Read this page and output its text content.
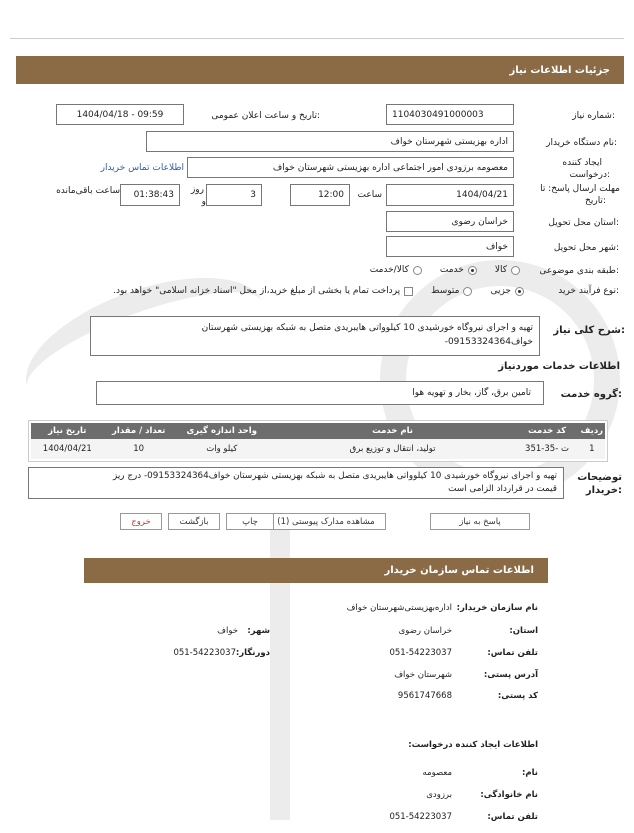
جزئیات اطلاعات نیاز
شماره نیاز:
1104030491000003
تاریخ و ساعت اعلان عمومی:
1404/04/18 - 09:59
نام دستگاه خریدار:
اداره بهزیستی شهرستان خواف
ایجاد کننده
درخواست:
معصومه برزودی امور اجتماعی اداره بهزیستی شهرستان خواف
اطلاعات تماس خریدار
مهلت ارسال پاسخ: تا
تاریخ:
1404/04/21
ساعت
12:00
3
روز
و
01:38:43
ساعت باقی‌مانده
استان محل تحویل:
خراسان رضوی
شهر محل تحویل:
خواف
طبقه بندی موضوعی:
کالا
خدمت
کالا/خدمت
نوع فرآیند خرید:
جزیی
متوسط
پرداخت تمام یا بخشی از مبلغ خرید،از محل "اسناد خزانه اسلامی" خواهد بود.
شرح کلی نیاز:
تهیه و اجرای نیروگاه خورشیدی 10 کیلوواتی هایبریدی متصل به شبکه بهزیستی شهرستان
خواف09153324364-
اطلاعات خدمات موردنیاز
گروه خدمت:
تامین برق، گاز، بخار و تهویه هوا
ردیف	کد خدمت	نام خدمت	واحد اندازه گیری	تعداد / مقدار	تاریخ نیاز
1	ت -35-351	تولید، انتقال و توزیع برق	کیلو وات	10	1404/04/21
توضیحات
خریدار:
تهیه و اجرای نیروگاه خورشیدی 10 کیلوواتی هایبریدی متصل به شبکه بهزیستی شهرستان خواف09153324364- درج ریز
قیمت در قرارداد الزامی است
پاسخ به نیاز
مشاهده مدارک پیوستی (1)
چاپ
بازگشت
خروج
اطلاعات تماس سازمان خریدار
نام سازمان خریدار:
اداره‌بهزیستی‌شهرستان خواف
استان:
خراسان رضوی
شهر:
خواف
تلفن تماس:
051-54223037
دورنگار:
051-54223037
آدرس پستی:
شهرستان خواف
کد پستی:
9561747668
اطلاعات ایجاد کننده درخواست:
نام:
معصومه
نام خانوادگی:
برزودی
تلفن تماس:
051-54223037
